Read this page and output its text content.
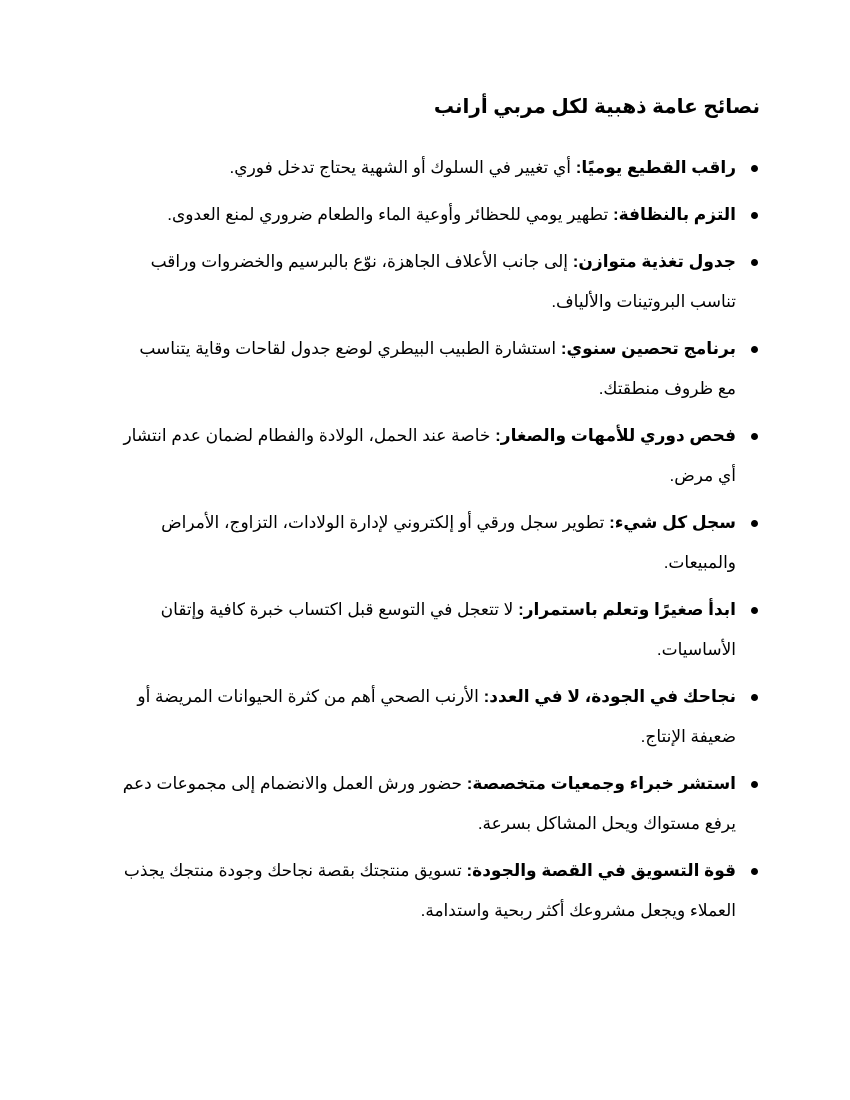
نصائح عامة ذهبية لكل مربي أرانب
راقب القطيع يوميًا: أي تغيير في السلوك أو الشهية يحتاج تدخل فوري.
التزم بالنظافة: تطهير يومي للحظائر وأوعية الماء والطعام ضروري لمنع العدوى.
جدول تغذية متوازن: إلى جانب الأعلاف الجاهزة، نوّع بالبرسيم والخضروات وراقب تناسب البروتينات والألياف.
برنامج تحصين سنوي: استشارة الطبيب البيطري لوضع جدول لقاحات وقاية يتناسب مع ظروف منطقتك.
فحص دوري للأمهات والصغار: خاصة عند الحمل، الولادة والفطام لضمان عدم انتشار أي مرض.
سجل كل شيء: تطوير سجل ورقي أو إلكتروني لإدارة الولادات، التزاوج، الأمراض والمبيعات.
ابدأ صغيرًا وتعلم باستمرار: لا تتعجل في التوسع قبل اكتساب خبرة كافية وإتقان الأساسيات.
نجاحك في الجودة، لا في العدد: الأرنب الصحي أهم من كثرة الحيوانات المريضة أو ضعيفة الإنتاج.
استشر خبراء وجمعيات متخصصة: حضور ورش العمل والانضمام إلى مجموعات دعم يرفع مستواك ويحل المشاكل بسرعة.
قوة التسويق في القصة والجودة: تسويق منتجتك بقصة نجاحك وجودة منتجك يجذب العملاء ويجعل مشروعك أكثر ربحية واستدامة.
